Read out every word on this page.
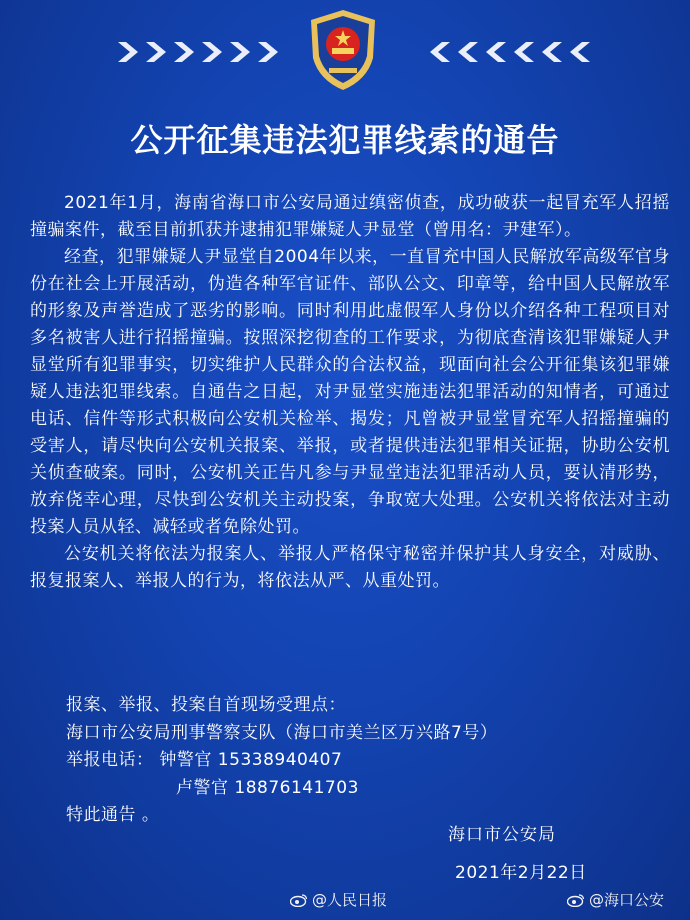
公开征集违法犯罪线索的通告

2021年1月，海南省海口市公安局通过缜密侦查，成功破获一起冒充军人招摇撞骗案件，截至目前抓获并逮捕犯罪嫌疑人尹显堂（曾用名：尹建军）。

经查，犯罪嫌疑人尹显堂自2004年以来，一直冒充中国人民解放军高级军官身份在社会上开展活动，伪造各种军官证件、部队公文、印章等，给中国人民解放军的形象及声誉造成了恶劣的影响。同时利用此虚假军人身份以介绍各种工程项目对多名被害人进行招摇撞骗。按照深挖彻查的工作要求，为彻底查清该犯罪嫌疑人尹显堂所有犯罪事实，切实维护人民群众的合法权益，现面向社会公开征集该犯罪嫌疑人违法犯罪线索。自通告之日起，对尹显堂实施违法犯罪活动的知情者，可通过电话、信件等形式积极向公安机关检举、揭发；凡曾被尹显堂冒充军人招摇撞骗的受害人，请尽快向公安机关报案、举报，或者提供违法犯罪相关证据，协助公安机关侦查破案。同时，公安机关正告凡参与尹显堂违法犯罪活动人员，要认清形势，放弃侥幸心理，尽快到公安机关主动投案，争取宽大处理。公安机关将依法对主动投案人员从轻、减轻或者免除处罚。

公安机关将依法为报案人、举报人严格保守秘密并保护其人身安全，对威胁、报复报案人、举报人的行为，将依法从严、从重处罚。

报案、举报、投案自首现场受理点：
海口市公安局刑事警察支队（海口市美兰区万兴路7号）
举报电话： 钟警官 15338940407
卢警官 18876141703
特此通告 。
海口市公安局
2021年2月22日
@人民日报	@海口公安
